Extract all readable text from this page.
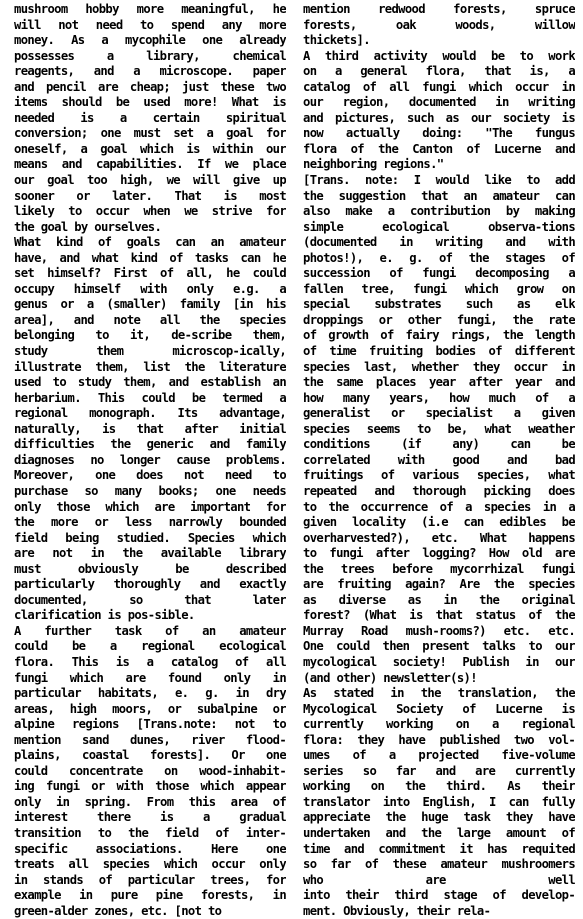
mushroom hobby more meaningful, he
will not need to spend any more
money. As a mycophile one already
possesses a library, chemical
reagents, and a microscope. paper
and pencil are cheap; just these two
items should be used more! What is
needed is a certain spiritual
conversion; one must set a goal for
oneself, a goal which is within our
means and capabilities. If we place
our goal too high, we will give up
sooner or later. That is most
likely to occur when we strive for
the goal by ourselves.
What kind of goals can an amateur
have, and what kind of tasks can he
set himself? First of all, he could
occupy himself with only e.g. a
genus or a (smaller) family [in his
area], and note all the species
belonging to it, de-scribe them,
study them microscop-ically,
illustrate them, list the literature
used to study them, and establish an
herbarium. This could be termed a
regional monograph. Its advantage,
naturally, is that after initial
difficulties the generic and family
diagnoses no longer cause problems.
Moreover, one does not need to
purchase so many books; one needs
only those which are important for
the more or less narrowly bounded
field being studied. Species which
are not in the available library
must obviously be described
particularly thoroughly and exactly
documented, so that later
clarification is pos-sible.
A further task of an amateur
could be a regional ecological
flora. This is a catalog of all
fungi which are found only in
particular habitats, e. g. in dry
areas, high moors, or subalpine or
alpine regions [Trans.note: not to
mention sand dunes, river flood-
plains, coastal forests]. Or one
could concentrate on wood-inhabit-
ing fungi or with those which appear
only in spring. From this area of
interest there is a gradual
transition to the field of inter-
specific associations. Here one
treats all species which occur only
in stands of particular trees, for
example in pure pine forests, in
green-alder zones, etc. [not to
mention redwood forests, spruce
forests, oak woods, willow
thickets].
A third activity would be to work
on a general flora, that is, a
catalog of all fungi which occur in
our region, documented in writing
and pictures, such as our society is
now actually doing: "The fungus
flora of the Canton of Lucerne and
neighboring regions."
[Trans. note: I would like to add
the suggestion that an amateur can
also make a contribution by making
simple ecological observa-tions
(documented in writing and with
photos!), e. g. of the stages of
succession of fungi decomposing a
fallen tree, fungi which grow on
special substrates such as elk
droppings or other fungi, the rate
of growth of fairy rings, the length
of time fruiting bodies of different
species last, whether they occur in
the same places year after year and
how many years, how much of a
generalist or specialist a given
species seems to be, what weather
conditions (if any) can be
correlated with good and bad
fruitings of various species, what
repeated and thorough picking does
to the occurrence of a species in a
given locality (i.e can edibles be
overharvested?), etc. What happens
to fungi after logging? How old are
the trees before mycorrhizal fungi
are fruiting again? Are the species
as diverse as in the original
forest? (What is that status of the
Murray Road mush-rooms?) etc. etc.
One could then present talks to our
mycological society! Publish in our
(and other) newsletter(s)!
As stated in the translation, the
Mycological Society of Lucerne is
currently working on a regional
flora: they have published two vol-
umes of a projected five-volume
series so far and are currently
working on the third. As their
translator into English, I can fully
appreciate the huge task they have
undertaken and the large amount of
time and commitment it has requited
so far of these amateur mushroomers
who are well
into their third stage of develop-
ment. Obviously, their rela-
